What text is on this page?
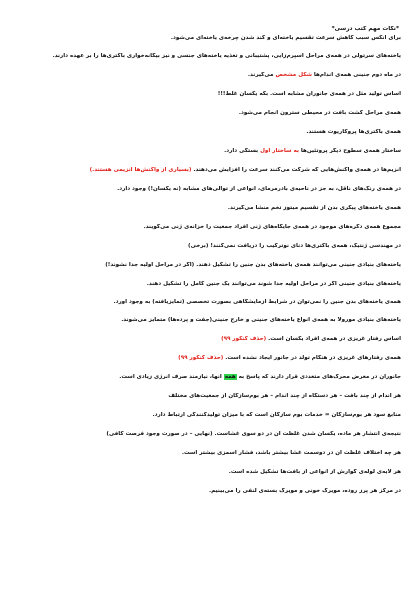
*نکات مهم کتب درسی*

برای انکس سبب کاهش سرعت تقسیم یاخته‌ای و کند شدن چرخه‌ی یاخته‌ای می‌شود.

یاخته‌های سرتولی در همه‌ی مراحل اسپرم‌زایی، پشتیبانی و تغذیه یاخته‌های جنسی و نیز بیگانه‌خواری باکتری‌ها را بر عهده دارند.

در ماه دوم جنینی همه‌ی اندام‌ها شکل مشخص می‌گیرند.

اساس تولید مثل در همه‌ی جانوران مشابه است. بکه یکسان غلط!!!

همه‌ی مراحل کشت بافت در محیطی سترون انجام می‌شود.

همه‌ی باکتری‌ها پروکاریوت هستند.

ساختار همه‌ی سطوح دیگر پروتئین‌ها به ساختار اول بستگی دارد.

آنزیم‌ها در همه‌ی واکنش‌هایی که شرکت می‌کنند سرعت را افزایش می‌دهند. (بسیاری از واکنش‌ها آنزیمی هستند.)

در همه‌ی رنگ‌های ناقل، به جز در ناحیه‌ی بادرمرمای، انواعی از توالی‌های مشابه (نه یکسان!) وجود دارد.

همه‌ی یاخته‌های پیکری بدن از تقسیم میتوز تخم منشأ می‌گیرند.

مجموع همه‌ی دگره‌های موجود در همه‌ی جایگاه‌های ژنی افراد جمعیت را خزانه‌ی ژنی می‌گویند.

در مهندسی ژنتیک، همه‌ی باکتری‌ها دنای نوترکیب را دریافت نمی‌کنند! (برخی)

یاخته‌های بنیادی جنینی می‌توانند همه‌ی یاخته‌های بدن جنین را تشکیل دهند. (اگر در مراحل اولیه جدا نشوند!)

یاخته‌های بنیادی جنینی اگر در مراحل اولیه جدا شوند می‌توانند یک جنین کامل را تشکیل دهند.

همه‌ی یاخته‌های بدن جنین را نمی‌توان در شرایط آزمایشگاهی بصورت تخصصی (تمایزیافته) به وجود آورد.

یاخته‌های بنیادی مورولا به همه‌ی انواع یاخته‌های جنینی و خارج جنینی(جفت و پرده‌ها) متمایز می‌شوند.

اساس رفتار غریزی در همه‌ی افراد یکسان است. (حذف کنکور ۹۹)

همه‌ی رفتارهای غریزی در هنگام تولد در جانور ایجاد نشده است. (حذف کنکور ۹۹)

جانوران در معرض محرک‌های متعددی قرار دارند که پاسخ به همه آنها، نیازمند صرف انرژی زیادی است.

هر اندام از چند بافت – هر دستگاه از چند اندام – هر بوم‌سازگان از جمعیت‌های مختلف

منابع سود هر بوم‌سازگان = خدمات بوم سازگان است که با میزان تولیدکنندگی ارتباط دارد.

نتیجه‌ی انتشار هر ماده، یکسان شدن غلظت آن در دو سوی غشاست. (نهایی – در صورت وجود فرصت کافی)

هر چه اختلاف غلظت آن در دوسمت غشا بیشتر باشد، فشار اسمزی بیشتر است.

هر لایه‌ی لوله‌ی گوارش از انواعی از بافت‌ها تشکیل شده است.

در مرکز هر پرز روده، مویرگ خونی و مویرگ بسته‌ی لنفی را می‌بینیم.
